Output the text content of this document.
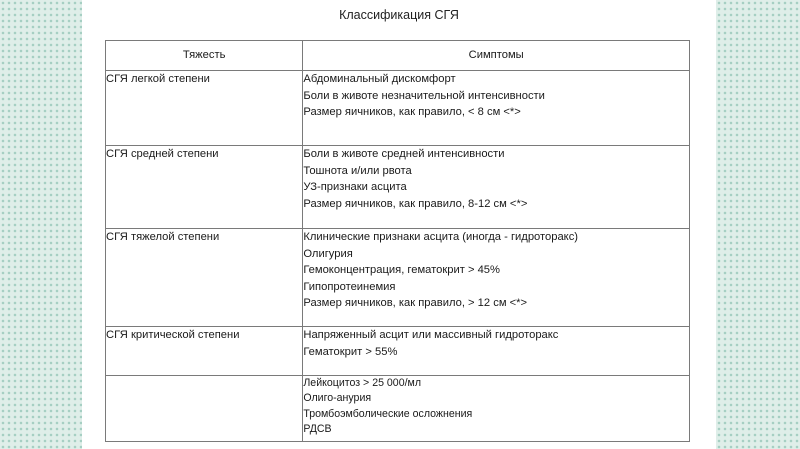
Классификация СГЯ
Тяжесть	Симптомы
СГЯ легкой степени	Абдоминальный дискомфорт
Боли в животе незначительной интенсивности
Размер яичников, как правило, < 8 см <*>

СГЯ средней степени	Боли в животе средней интенсивности
Тошнота и/или рвота
УЗ-признаки асцита
Размер яичников, как правило, 8-12 см <*>

СГЯ тяжелой степени	Клинические признаки асцита (иногда - гидроторакс)
Олигурия
Гемоконцентрация, гематокрит > 45%
Гипопротеинемия
Размер яичников, как правило, > 12 см <*>

СГЯ критической степени	Напряженный асцит или массивный гидроторакс
Гематокрит > 55%

	Лейкоцитоз > 25 000/мл
Олиго-анурия
Тромбоэмболические осложнения
РДСВ
